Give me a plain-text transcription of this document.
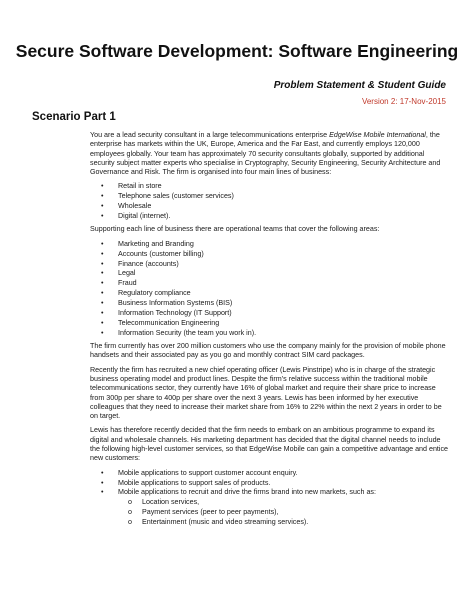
Secure Software Development: Software Engineering
Problem Statement & Student Guide
Version 2: 17-Nov-2015
Scenario Part 1

You are a lead security consultant in a large telecommunications enterprise EdgeWise Mobile International, the enterprise has markets within the UK, Europe, America and the Far East, and currently employs 120,000 employees globally. Your team has approximately 70 security consultants globally, supported by additional security subject matter experts who specialise in Cryptography, Security Engineering, Security Architecture and Governance and Risk. The firm is organised into four main lines of business:

• Retail in store
• Telephone sales (customer services)
• Wholesale
• Digital (internet).

Supporting each line of business there are operational teams that cover the following areas:

• Marketing and Branding
• Accounts (customer billing)
• Finance (accounts)
• Legal
• Fraud
• Regulatory compliance
• Business Information Systems (BIS)
• Information Technology (IT Support)
• Telecommunication Engineering
• Information Security (the team you work in).

The firm currently has over 200 million customers who use the company mainly for the provision of mobile phone handsets and their associated pay as you go and monthly contract SIM card packages.

Recently the firm has recruited a new chief operating officer (Lewis Pinstripe) who is in charge of the strategic business operating model and product lines. Despite the firm’s relative success within the traditional mobile telecommunications sector, they currently have 16% of global market and require their share price to increase from 300p per share to 400p per share over the next 3 years. Lewis has been informed by her executive colleagues that they need to increase their market share from 16% to 22% within the next 2 years in order to be on target.

Lewis has therefore recently decided that the firm needs to embark on an ambitious programme to expand its digital and wholesale channels. His marketing department has decided that the digital channel needs to include the following high-level customer services, so that EdgeWise Mobile can gain a competitive advantage and entice new customers:

• Mobile applications to support customer account enquiry.
• Mobile applications to support sales of products.
• Mobile applications to recruit and drive the firms brand into new markets, such as:
o Location services,
o Payment services (peer to peer payments),
o Entertainment (music and video streaming services).
